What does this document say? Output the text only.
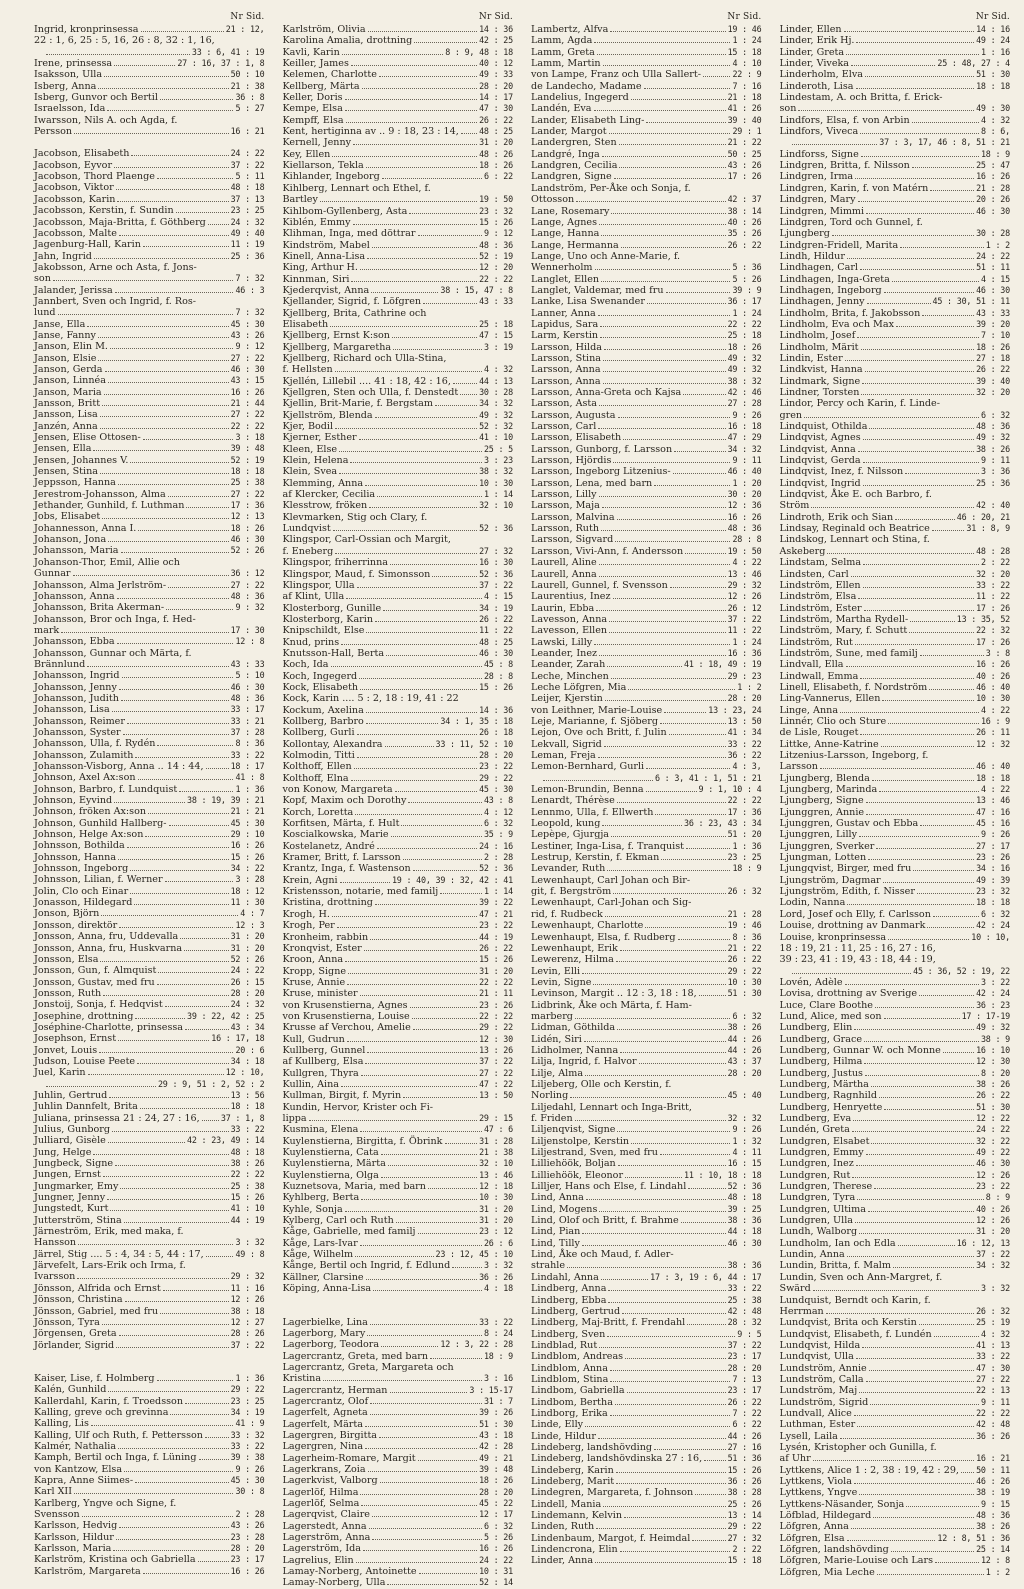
Nr Sid.
Ingrid, kronprinsessa	21 : 12,
22 : 1, 6, 25 : 5, 16, 26 : 8, 32 : 1, 16,
33 : 6, 41 : 19
Irene, prinsessa	27 : 16, 37 : 1, 8
Isaksson, Ulla	50 : 10
Isberg, Anna	21 : 38
Isberg, Gunvor och Bertil	36 : 8
Israelsson, Ida	5 : 27
Iwarsson, Nils A. och Agda, f.
Persson	16 : 21
Jacobson, Elisabeth	24 : 22
Jacobson, Eyvor	37 : 22
Jacobson, Thord Plaenge	5 : 11
Jacobson, Viktor	48 : 18
Jacobsson, Karin	37 : 13
Jacobsson, Kerstin, f. Sundin	23 : 25
Jacobsson, Maja-Britta, f. Göthberg	24 : 32
Jacobsson, Malte	49 : 40
Jagenburg-Hall, Karin	11 : 19
Jahn, Ingrid	25 : 36
Jakobsson, Arne och Asta, f. Jons-
son	7 : 32
Jalander, Jerissa	46 : 3
Jannbert, Sven och Ingrid, f. Ros-
lund	7 : 32
Janse, Ella	45 : 30
Janse, Fanny	43 : 26
Janson, Elin M.	9 : 12
Janson, Elsie	27 : 22
Janson, Gerda	46 : 30
Janson, Linnéa	43 : 15
Janson, Maria	16 : 26
Jansson, Britt	21 : 44
Jansson, Lisa	27 : 22
Janzén, Anna	22 : 22
Jensen, Elise Ottosen-	3 : 18
Jensen, Ella	39 : 48
Jensen, Johannes V.	52 : 19
Jensen, Stina	18 : 18
Jeppsson, Hanna	25 : 38
Jerestrom-Johansson, Alma	27 : 22
Jethander, Gunhild, f. Luthman	17 : 36
Jobs, Elisabet	12 : 13
Johannesson, Anna I.	18 : 26
Johanson, Jona	46 : 30
Johansson, Maria	52 : 26
Johanson-Thor, Emil, Allie och
Gunnar	36 : 12
Johansson, Alma Jerlström-	27 : 22
Johansson, Anna	48 : 36
Johansson, Brita Akerman-	9 : 32
Johansson, Bror och Inga, f. Hed-
mark	17 : 30
Johansson, Ebba	12 : 8
Johansson, Gunnar och Märta, f.
Brännlund	43 : 33
Johansson, Ingrid	5 : 10
Johansson, Jenny	46 : 30
Johansson, Judith	48 : 36
Johansson, Lisa	33 : 17
Johansson, Reimer	33 : 21
Johansson, Syster	37 : 28
Johansson, Ulla, f. Rydén	8 : 36
Johansson, Zulamith	33 : 22
Johansson-Visborg, Anna .. 14 : 44,	18 : 17
Johnson, Axel Ax:son	41 : 8
Johnson, Barbro, f. Lundquist	1 : 36
Johnson, Eyvind	38 : 19, 39 : 21
Johnson, fröken Ax:son	21 : 21
Johnson, Gunhild Hallberg-	45 : 30
Johnson, Helge Ax:son	29 : 10
Johnsson, Bothilda	16 : 26
Johnsson, Hanna	15 : 26
Johnsson, Ingeborg	34 : 22
Johnsson, Lilian, f. Werner	3 : 28
Jolin, Clo och Einar	18 : 12
Jonasson, Hildegard	11 : 30
Jonson, Björn	4 : 7
Jonsson, direktör	12 : 3
Jonsson, Anna, fru, Uddevalla	31 : 20
Jonsson, Anna, fru, Huskvarna	31 : 20
Jonsson, Elsa	52 : 26
Jonsson, Gun, f. Almquist	24 : 22
Jonsson, Gustav, med fru	26 : 15
Jonsson, Ruth	28 : 20
Jonstoij, Sonja, f. Hedqvist	24 : 32
Josephine, drottning	39 : 22, 42 : 25
Joséphine-Charlotte, prinsessa	43 : 34
Josephson, Ernst	16 : 17, 18
Jonvet, Louis	20 : 6
Judson, Louise Peete	34 : 18
Juel, Karin	12 : 10,
29 : 9, 51 : 2, 52 : 2
Juhlin, Gertrud	13 : 56
Juhlin Dannfelt, Brita	18 : 18
Juliana, prinsessa 21 : 24, 27 : 16,	37 : 1, 8
Julius, Gunborg	33 : 22
Julliard, Gisèle	42 : 23, 49 : 14
Jung, Helge	48 : 18
Jungbeck, Signe	38 : 26
Jungen, Ernst	22 : 22
Jungmarker, Emy	25 : 38
Jungner, Jenny	15 : 26
Jungstedt, Kurt	41 : 10
Jutterström, Stina	44 : 19
Järneström, Erik, med maka, f.
Hansson	3 : 32
Järrel, Stig .... 5 : 4, 34 : 5, 44 : 17,	49 : 8
Järvefelt, Lars-Erik och Irma, f.
Ivarsson	29 : 32
Jönsson, Alfrida och Ernst	11 : 16
Jönsson, Christina	12 : 26
Jönsson, Gabriel, med fru	38 : 18
Jönsson, Tyra	12 : 27
Jörgensen, Greta	28 : 26
Jörlander, Sigrid	37 : 22
Kaiser, Lise, f. Holmberg	1 : 36
Kalén, Gunhild	29 : 22
Kallerdahl, Karin, f. Troedsson	23 : 25
Kalling, greve och grevinna	34 : 19
Kalling, Lis	41 : 9
Kalling, Ulf och Ruth, f. Pettersson	33 : 32
Kalmér, Nathalia	33 : 22
Kamph, Bertil och Inga, f. Lüning	39 : 38
von Kantzow, Elsa	9 : 26
Kapra, Anne Siimes-	45 : 30
Karl XII	30 : 8
Karlberg, Yngve och Signe, f.
Svensson	2 : 28
Karlsson, Hedvig	43 : 26
Karlsson, Hildur	23 : 28
Karlsson, Maria	28 : 20
Karlström, Kristina och Gabriella	23 : 17
Karlström, Margareta	16 : 26
Nr Sid.
Karlström, Olivia	14 : 36
Karolina Amalia, drottning	42 : 25
Kavli, Karin	8 : 9, 48 : 18
Keiller, James	40 : 12
Kelemen, Charlotte	49 : 33
Kellberg, Märta	28 : 20
Keller, Doris	14 : 17
Kempe, Elsa	47 : 30
Kempff, Elsa	26 : 22
Kent, hertiginna av .. 9 : 18, 23 : 14, 48 : 25
Kernell, Jenny	31 : 20
Key, Ellen	48 : 26
Kiellarson, Tekla	18 : 26
Kihlander, Ingeborg	6 : 22
Kihlberg, Lennart och Ethel, f.
Bartley	19 : 50
Kihlbom-Gyllenberg, Asta	23 : 32
Kiblén, Emmy	15 : 26
Klihman, Inga, med döttrar	9 : 12
Kindström, Mabel	48 : 36
Kinell, Anna-Lisa	52 : 19
King, Arthur H.	12 : 20
Kinnman, Siri	22 : 22
Kjederqvist, Anna	38 : 15, 47 : 8
Kjellander, Sigrid, f. Löfgren	43 : 33
Kjellberg, Brita, Cathrine och
Elisabeth	25 : 18
Kjellberg, Ernst K:son	47 : 15
Kjellberg, Margaretha	3 : 19
Kjellberg, Richard och Ulla-Stina,
f. Hellsten	4 : 32
Kjellén, Lillebil .... 41 : 18, 42 : 16,	44 : 13
Kjellgren, Sten och Ulla, f. Denstedt 30 : 28
Kjellin, Brit-Marie, f. Bergstam	34 : 32
Kjellström, Blenda	49 : 32
Kjer, Bodil	52 : 32
Kjerner, Esther	41 : 10
Kleen, Else	25 : 5
Klein, Helena	3 : 23
Klein, Svea	38 : 32
Klemming, Anna	10 : 30
af Klercker, Cecilia	1 : 14
Klesstrow, fröken	32 : 10
Klevmarken, Stig och Clary, f.
Lundqvist	52 : 36
Klingspor, Carl-Ossian och Margit,
f. Eneberg	27 : 32
Klingspor, friherrinna	16 : 30
Klingspor, Maud, f. Simonsson	52 : 36
Klingspor, Ulla	37 : 22
af Klint, Ulla	4 : 15
Klosterborg, Gunille	34 : 19
Klosterborg, Karin	26 : 22
Knipschildt, Else	11 : 22
Knud, prins	48 : 25
Knutsson-Hall, Berta	46 : 30
Koch, Ida	45 : 8
Koch, Ingegerd	28 : 8
Kock, Elisabeth	15 : 26
Kock, Karin .... 5 : 2, 18 : 19, 41 : 22
Kockum, Axelina	14 : 36
Kollberg, Barbro	34 : 1, 35 : 18
Kollberg, Gurli	26 : 18
Kollontay, Alexandra	33 : 11, 52 : 10
Kolmodin, Titti	28 : 20
Kolthoff, Ellen	23 : 22
Kolthoff, Elna	29 : 22
von Konow, Margareta	45 : 30
Kopf, Maxim och Dorothy	43 : 8
Korch, Loretta	4 : 12
Korfitsen, Märta, f. Hult	6 : 32
Koscialkowska, Marie	35 : 9
Kostelanetz, André	24 : 16
Kramer, Britt, f. Larsson	2 : 28
Krantz, Inga, f. Wastenson	52 : 36
Krein, Agni	19 : 40, 39 : 32, 42 : 41
Kristensson, notarie, med familj	1 : 14
Kristina, drottning	39 : 22
Krogh, H.	47 : 21
Krogh, Per	23 : 22
Kronheim, rabbin	44 : 19
Kronqvist, Ester	26 : 22
Kroon, Anna	15 : 26
Kropp, Signe	31 : 20
Kruse, Annie	22 : 22
Kruse, minister	21 : 11
von Krusenstierna, Agnes	23 : 26
von Krusenstierna, Louise	22 : 22
Krusse af Verchou, Amelie	29 : 22
Kull, Gudrun	12 : 30
Kullberg, Gunnel	13 : 26
af Kullberg, Elsa	37 : 22
Kullgren, Thyra	27 : 22
Kullin, Aina	47 : 22
Kullman, Birgit, f. Myrin	13 : 50
Kundin, Hervor, Krister och Fi-
lippa	29 : 15
Kusmina, Elena	47 : 6
Kuylenstierna, Birgitta, f. Öbrink	31 : 28
Kuylenstierna, Cata	21 : 38
Kuylenstierna, Märta	32 : 10
Kuylenstierna, Olga	13 : 46
Kuznetsova, Maria, med barn	12 : 18
Kyhlberg, Berta	10 : 30
Kyhle, Sonja	31 : 20
Kylberg, Carl och Ruth	31 : 20
Kåge, Gabrielle, med familj	23 : 12
Kåge, Lars-Ivar	26 : 6
Kåge, Wilhelm	23 : 12, 45 : 10
Kånge, Bertil och Ingrid, f. Edlund	3 : 32
Källner, Clarsine	36 : 26
Köping, Anna-Lisa	4 : 18
Lagerbielke, Lina	33 : 22
Lagerborg, Mary	8 : 24
Lagerborg, Teodora	12 : 3, 22 : 28
Lagercrantz, Greta, med barn	18 : 9
Lagercrantz, Greta, Margareta och
Kristina	3 : 16
Lagercrantz, Herman	3 : 15-17
Lagercrantz, Olof	31 : 7
Lagerfelt, Agneta	39 : 26
Lagerfelt, Märta	51 : 30
Lagergren, Birgitta	43 : 18
Lagergren, Nina	42 : 28
Lagerheim-Romare, Margit	49 : 21
Lagerkrans, Zoia	39 : 48
Lagerkvist, Valborg	18 : 26
Lagerlöf, Hilma	28 : 20
Lagerlöf, Selma	45 : 22
Lagerqvist, Claire	12 : 17
Lagerstedt, Anna	6 : 32
Lagerström, Anna	5 : 26
Lagerström, Ida	16 : 26
Lagrelius, Elin	24 : 22
Lamay-Norberg, Antoinette	10 : 31
Lamay-Norberg, Ulla	52 : 14
Nr Sid.
Lambertz, Alfva	19 : 46
Lamm, Agda	1 : 24
Lamm, Greta	15 : 18
Lamm, Martin	4 : 10
von Lampe, Franz och Ulla Sallert-	22 : 9
de Landecho, Madame	7 : 16
Landelius, Ingegerd	21 : 18
Landén, Eva	41 : 26
Lander, Elisabeth Ling-	39 : 40
Lander, Margot	29 : 1
Landergren, Sten	21 : 22
Landgré, Inga	50 : 25
Landgren, Cecilia	43 : 26
Landgren, Signe	17 : 26
Landström, Per-Åke och Sonja, f.
Ottosson	42 : 37
Lane, Rosemary	38 : 14
Lange, Agnes	40 : 26
Lange, Hanna	35 : 26
Lange, Hermanna	26 : 22
Lange, Uno och Anne-Marie, f.
Wennerholm	5 : 36
Langlet, Ellen	5 : 26
Langlet, Valdemar, med fru	39 : 9
Lanke, Lisa Swenander	36 : 17
Lanner, Anna	1 : 24
Lapidus, Sara	22 : 22
Larm, Kerstin	25 : 18
Larsson, Hilda	18 : 26
Larsson, Stina	49 : 32
Larsson, Anna	49 : 32
Larsson, Anna	38 : 32
Larsson, Anna-Greta och Kajsa	42 : 46
Larsson, Asta	27 : 28
Larsson, Augusta	9 : 26
Larsson, Carl	16 : 18
Larsson, Elisabeth	47 : 29
Larsson, Gunborg, f. Larsson	34 : 32
Larsson, Hjördis	9 : 11
Larsson, Ingeborg Litzenius-	46 : 40
Larsson, Lena, med barn	1 : 20
Larsson, Lilly	30 : 20
Larsson, Maja	12 : 36
Larsson, Malvina	16 : 26
Larsson, Ruth	48 : 36
Larsson, Sigvard	28 : 8
Larsson, Vivi-Ann, f. Andersson	19 : 50
Laurell, Aline	4 : 22
Laurell, Anna	13 : 46
Laurell, Gunnel, f. Svensson	29 : 32
Laurentius, Inez	12 : 26
Laurin, Ebba	26 : 12
Lavesson, Anna	37 : 22
Lavesson, Ellen	11 : 22
Lawski, Lilly	1 : 24
Leander, Inez	16 : 36
Leander, Zarah	41 : 18, 49 : 19
Leche, Minchen	29 : 23
Leche Löfgren, Mia	1 : 2
Leijer, Kjerstin	28 : 20
von Leithner, Marie-Louise	13 : 23, 24
Leje, Marianne, f. Sjöberg	13 : 50
Lejon, Ove och Britt, f. Julin	41 : 34
Lekvall, Sigrid	33 : 22
Leman, Freja	36 : 22
Lemon-Bernhard, Gurli	4 : 3,
6 : 3, 41 : 1, 51 : 21
Lemon-Brundin, Benna	9 : 1, 10 : 4
Lenardt, Thérèse	22 : 22
Lennmo, Ulla, f. Ellwerth	17 : 36
Leopold, kung	36 : 23, 43 : 34
Lepèpe, Gjurgja	51 : 20
Lestiner, Inga-Lisa, f. Tranquist	1 : 36
Lestrup, Kerstin, f. Ekman	23 : 25
Levander, Ruth	18 : 9
Lewenhaupt, Carl Johan och Bir-
git, f. Bergström	26 : 32
Lewenhaupt, Carl-Johan och Sig-
rid, f. Rudbeck	21 : 28
Lewenhaupt, Charlotte	19 : 46
Lewenhaupt, Elsa, f. Rudberg	8 : 36
Lewenhaupt, Erik	21 : 22
Lewerenz, Hilma	26 : 22
Levin, Elli	29 : 22
Levin, Signe	10 : 30
Levinson, Margit .. 12 : 3, 18 : 18,	51 : 30
Lidbrink, Åke och Märta, f. Ham-
marberg	6 : 32
Lidman, Göthilda	38 : 26
Lidén, Siri	44 : 26
Lidholmer, Nanna	44 : 26
Lilja, Ingrid, f. Halvor	43 : 37
Lilje, Alma	28 : 20
Liljeberg, Olle och Kerstin, f.
Norling	45 : 40
Liljedahl, Lennart och Inga-Britt,
f. Friden	32 : 32
Liljenqvist, Signe	9 : 26
Liljenstolpe, Kerstin	1 : 32
Liljestrand, Sven, med fru	4 : 11
Lilliehöök, Boljan	16 : 15
Lilliehöök, Eleonor	11 : 10, 18 : 18
Lilljer, Hans och Else, f. Lindahl	52 : 36
Lind, Anna	48 : 18
Lind, Mogens	39 : 25
Lind, Olof och Britt, f. Brahme	38 : 36
Lind, Pian	44 : 18
Lind, Tilly	46 : 30
Lind, Åke och Maud, f. Adler-
strahle	38 : 36
Lindahl, Anna	17 : 3, 19 : 6, 44 : 17
Lindberg, Anna	33 : 22
Lindberg, Ebba	25 : 38
Lindberg, Gertrud	42 : 48
Lindberg, Maj-Britt, f. Frendahl	28 : 32
Lindberg, Sven	9 : 5
Lindblad, Rut	37 : 22
Lindblom, Andreas	23 : 17
Lindblom, Anna	28 : 20
Lindblom, Stina	7 : 13
Lindbom, Gabriella	23 : 17
Lindbom, Bertha	26 : 22
Lindborg, Erika	7 : 22
Linde, Elly	6 : 22
Linde, Hildur	44 : 26
Lindeberg, landshövding	27 : 16
Lindeberg, landshövdinska 27 : 16,	51 : 36
Lindeberg, Karin	15 : 26
Lindeberg, Marit	36 : 26
Lindegren, Margareta, f. Johnson	38 : 28
Lindell, Mania	25 : 26
Lindemann, Kelvin	13 : 14
Linden, Ruth	29 : 22
Lindenbaum, Margot, f. Heimdal	27 : 32
Lindencrona, Elin	2 : 22
Linder, Anna	15 : 18
Nr Sid.
Linder, Ellen	14 : 16
Linder, Erik Hj.	49 : 24
Linder, Greta	1 : 16
Linder, Viveka	25 : 48, 27 : 4
Linderholm, Elva	51 : 30
Linderoth, Lisa	18 : 18
Lindestam, A. och Britta, f. Erick-
son	49 : 30
Lindfors, Elsa, f. von Arbin	4 : 32
Lindfors, Viveca	8 : 6,
37 : 3, 17, 46 : 8, 51 : 21
Lindforss, Signe	18 : 9
Lindgren, Britta, f. Nilsson	25 : 47
Lindgren, Irma	16 : 26
Lindgren, Karin, f. von Matérn	21 : 28
Lindgren, Mary	20 : 26
Lindgren, Mimmi	46 : 30
Lindgren, Tord och Gunnel, f.
Ljungberg	30 : 28
Lindgren-Fridell, Marita	1 : 2
Lindh, Hildur	24 : 22
Lindhagen, Carl	51 : 11
Lindhagen, Inga-Greta	4 : 15
Lindhagen, Ingeborg	46 : 30
Lindhagen, Jenny	45 : 30, 51 : 11
Lindholm, Brita, f. Jakobsson	43 : 33
Lindholm, Eva och Max	39 : 20
Lindholm, Josef	7 : 10
Lindholm, Märit	18 : 26
Lindin, Ester	27 : 18
Lindkvist, Hanna	26 : 22
Lindmark, Signe	39 : 40
Lindner, Torsten	32 : 20
Lindor, Percy och Karin, f. Linde-
gren	6 : 32
Lindquist, Othilda	48 : 36
Lindqvist, Agnes	49 : 32
Lindqvist, Anna	38 : 26
Lindqvist, Gerda	9 : 11
Lindqvist, Inez, f. Nilsson	3 : 36
Lindqvist, Ingrid	25 : 36
Lindqvist, Åke E. och Barbro, f.
Ström	42 : 40
Lindroth, Erik och Sian	46 : 20, 21
Lindsay, Reginald och Beatrice	31 : 8, 9
Lindskog, Lennart och Stina, f.
Askeberg	48 : 28
Lindstam, Selma	2 : 22
Lindsten, Carl	32 : 20
Lindström, Ellen	33 : 22
Lindström, Elsa	11 : 22
Lindström, Ester	17 : 26
Lindström, Martha Rydell-	13 : 35, 52
Lindström, Mary, f. Schutt	22 : 32
Lindström, Rut	17 : 26
Lindström, Sune, med familj	3 : 8
Lindvall, Ella	16 : 26
Lindwall, Emma	40 : 26
Linell, Elisabeth, f. Nordström	46 : 40
Ling-Vannerus, Ellen	10 : 30
Linge, Anna	4 : 22
Linnér, Clio och Sture	16 : 9
de Lisle, Rouget	26 : 11
Littke, Anne-Katrine	12 : 32
Litzenius-Larsson, Ingeborg, f.
Larsson	46 : 40
Ljungberg, Blenda	18 : 18
Ljungberg, Marinda	4 : 22
Ljungberg, Signe	13 : 46
Ljunggren, Annie	47 : 16
Ljunggren, Gustav och Ebba	45 : 16
Ljunggren, Lilly	9 : 26
Ljunggren, Sverker	27 : 17
Ljungman, Lotten	23 : 26
Ljungqvist, Birger, med fru	34 : 16
Ljungström, Dagmar	49 : 39
Ljungström, Edith, f. Nisser	23 : 32
Lodin, Nanna	18 : 18
Lord, Josef och Elly, f. Carlsson	6 : 32
Louise, drottning av Danmark	42 : 24
Louise, kronprinsessa	10 : 10,
18 : 19, 21 : 11, 25 : 16, 27 : 16,
39 : 23, 41 : 19, 43 : 18, 44 : 19,
45 : 36, 52 : 19, 22
Lovén, Adèle	3 : 22
Lovisa, drottning av Sverige	42 : 24
Luce, Clare Boothe	36 : 23
Lund, Alice, med son	17 : 17-19
Lundberg, Elin	49 : 32
Lundberg, Grace	38 : 9
Lundberg, Gunnar W. och Monne	16 : 10
Lundberg, Hilma	12 : 30
Lundberg, Justus	8 : 20
Lundberg, Märtha	38 : 26
Lundberg, Ragnhild	26 : 22
Lundberg, Henryette	51 : 30
Lundberg, Eva	12 : 22
Lundén, Greta	24 : 22
Lundgren, Elsabet	32 : 22
Lundgren, Emmy	49 : 22
Lundgren, Inez	46 : 30
Lundgren, Rut	12 : 26
Lundgren, Therese	23 : 22
Lundgren, Tyra	8 : 9
Lundgren, Ultima	40 : 26
Lundgren, Ulla	12 : 26
Lundh, Walborg	31 : 20
Lundholm, Ian och Edla	16 : 12, 13
Lundin, Anna	37 : 22
Lundin, Britta, f. Malm	34 : 32
Lundin, Sven och Ann-Margret, f.
Swärd	3 : 32
Lundquist, Berndt och Karin, f.
Herrman	26 : 32
Lundqvist, Brita och Kerstin	25 : 19
Lundqvist, Elisabeth, f. Lundén	4 : 32
Lundqvist, Hilda	41 : 13
Lundqvist, Ulla	33 : 22
Lundström, Annie	47 : 30
Lundström, Calla	27 : 22
Lundström, Maj	22 : 13
Lundström, Sigrid	9 : 11
Lundvall, Alice	22 : 22
Luthman, Ester	42 : 48
Lysell, Laila	36 : 26
Lysén, Kristopher och Gunilla, f.
af Uhr	16 : 21
Lyttkens, Alice 1 : 2, 38 : 19, 42 : 29, 50 : 11
Lyttkens, Viola	46 : 26
Lyttkens, Yngve	38 : 19
Lyttkens-Näsander, Sonja	9 : 15
Löfblad, Hildegard	48 : 36
Löfgren, Anna	38 : 26
Löfgren, Elsa	12 : 8, 51 : 36
Löfgren, landshövding	25 : 14
Löfgren, Marie-Louise och Lars	12 : 8
Löfgren, Mia Leche	1 : 2
